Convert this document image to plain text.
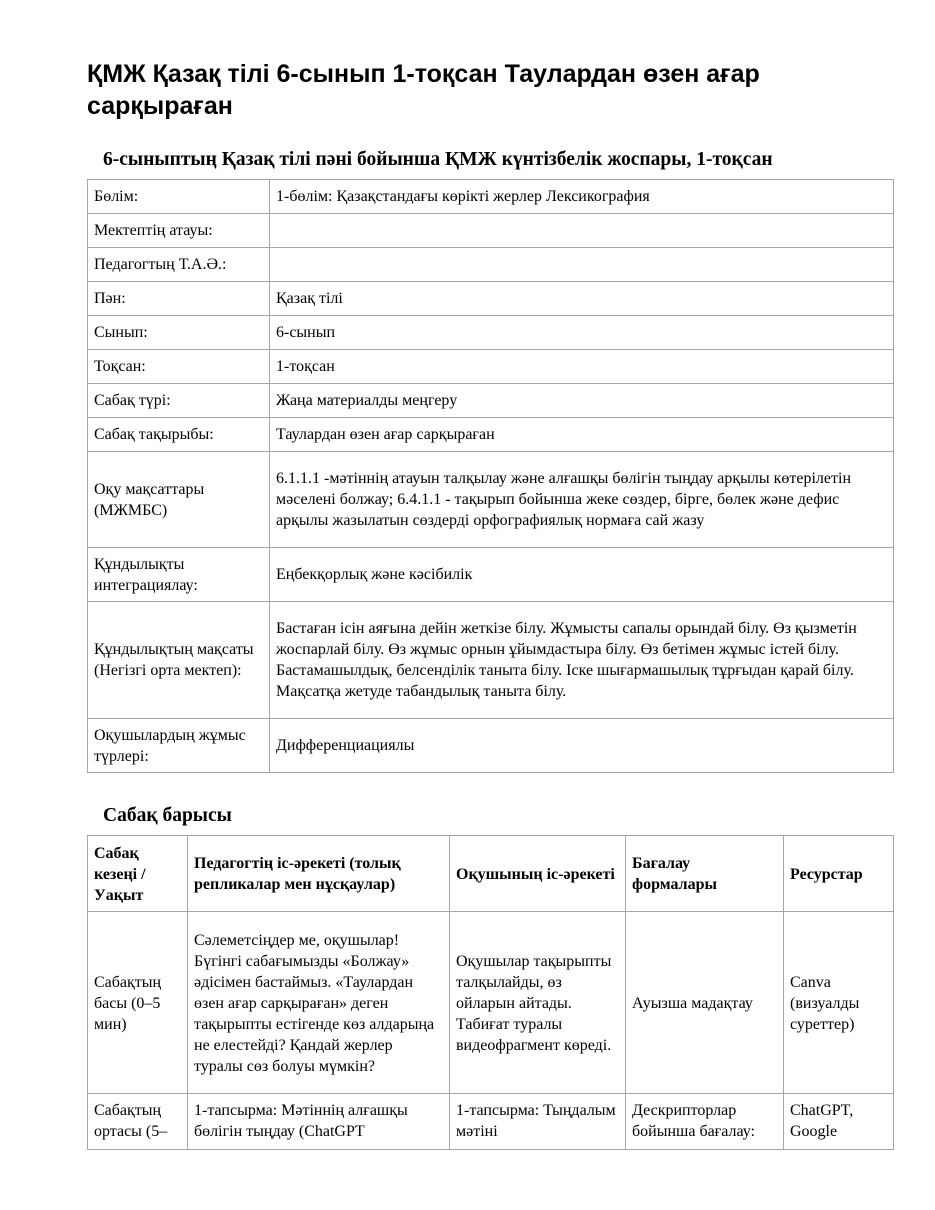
ҚМЖ Қазақ тілі 6-сынып 1-тоқсан Таулардан өзен ағар сарқыраған
6-сыныптың Қазақ тілі пәні бойынша ҚМЖ күнтізбелік жоспары, 1-тоқсан
Бөлім:	1-бөлім: Қазақстандағы көрікті жерлер Лексикография
Мектептің атауы:	
Педагогтың Т.А.Ә.:	
Пән:	Қазақ тілі
Сынып:	6-сынып
Тоқсан:	1-тоқсан
Сабақ түрі:	Жаңа материалды меңгеру
Сабақ тақырыбы:	Таулардан өзен ағар сарқыраған
Оқу мақсаттары (МЖМБС)	6.1.1.1 -мәтіннің атауын талқылау және алғашқы бөлігін тыңдау арқылы көтерілетін мәселені болжау; 6.4.1.1 - тақырып бойынша жеке сөздер, бірге, бөлек және дефис арқылы жазылатын сөздерді орфографиялық нормаға сай жазу
Құндылықты интеграциялау:	Еңбекқорлық және кәсібилік
Құндылықтың мақсаты (Негізгі орта мектеп):	Бастаған ісін аяғына дейін жеткізе білу. Жұмысты сапалы орындай білу. Өз қызметін жоспарлай білу. Өз жұмыс орнын ұйымдастыра білу. Өз бетімен жұмыс істей білу. Бастамашылдық, белсенділік таныта білу. Іске шығармашылық тұрғыдан қарай білу. Мақсатқа жетуде табандылық таныта білу.
Оқушылардың жұмыс түрлері:	Дифференциациялы
Сабақ барысы
Сабақ кезеңі / Уақыт	Педагогтің іс-әрекеті (толық репликалар мен нұсқаулар)	Оқушының іс-әрекеті	Бағалау формалары	Ресурстар
Сабақтың басы (0–5 мин)	Сәлеметсіңдер ме, оқушылар! Бүгінгі сабағымызды «Болжау» әдісімен бастаймыз. «Таулардан өзен ағар сарқыраған» деген тақырыпты естігенде көз алдарыңа не елестейді? Қандай жерлер туралы сөз болуы мүмкін?	Оқушылар тақырыпты талқылайды, өз ойларын айтады. Табиғат туралы видеофрагмент көреді.	Ауызша мадақтау	Canva (визуалды суреттер)
Сабақтың ортасы (5–	1-тапсырма: Мәтіннің алғашқы бөлігін тыңдау (ChatGPT	1-тапсырма: Тыңдалым мәтіні	Дескрипторлар бойынша бағалау:	ChatGPT, Google
